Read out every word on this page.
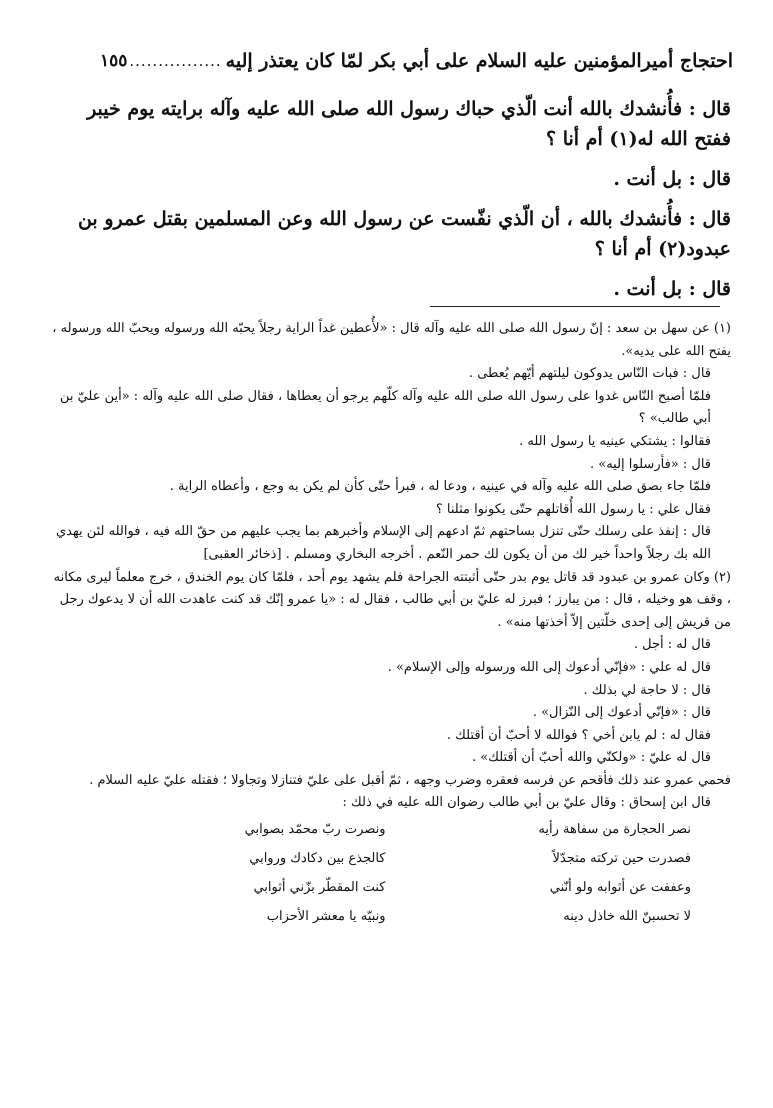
احتجاج أميرالمؤمنين عليه السلام على أبي بكر لمّا كان يعتذر إليه
.....
١٥٥
قال : فأُنشدك بالله أنت الّذي حباك رسول الله صلى الله عليه وآله برايته يوم خيبر ففتح الله له(١) أم أنا ؟
قال : بل أنت .
قال : فأُنشدك بالله ، أن الّذي نفّست عن رسول الله وعن المسلمين بقتل عمرو بن عبدود(٢) أم أنا ؟
قال : بل أنت .

(١) عن سهل بن سعد : إنّ رسول الله صلى الله عليه وآله قال : «لأُعطين غداً الراية رجلاً يحبّه الله ورسوله ويحبّ الله ورسوله ، يفتح الله على يديه».

قال : فبات النّاس يدوكون ليلتهم أيّهم يُعطى .

فلمّا أصبح النّاس غدوا على رسول الله صلى الله عليه وآله كلّهم يرجو أن يعطاها ، فقال صلى الله عليه وآله : «أين عليّ بن أبي طالب» ؟

فقالوا : يشتكي عينيه يا رسول الله .

قال : «فأرسلوا إليه» .

فلمّا جاء بصق صلى الله عليه وآله في عينيه ، ودعا له ، فبرأ حتّى كأن لم يكن به وجع ، وأعطاه الراية .

فقال علي : يا رسول الله أُقاتلهم حتّى يكونوا مثلنا ؟

قال : إنفذ على رسلك حتّى تنزل بساحتهم ثمّ ادعهم إلى الإسلام وأخبرهم بما يجب عليهم من حقّ الله فيه ، فوالله لئن يهدي الله بك رجلاً واحداً خير لك من أن يكون لك حمر النّعم . أخرجه البخاري ومسلم . [ذخائر العقبى]

(٢) وكان عمرو بن عبدود قد قاتل يوم بدر حتّى أثبتته الجراحة فلم يشهد يوم أحد ، فلمّا كان يوم الخندق ، خرج معلماً ليرى مكانه ، وقف هو وخيله ، قال : من يبارز ؛ فبرز له عليّ بن أبي طالب ، فقال له : «يا عمرو إنّك قد كنت عاهدت الله أن لا يدعوك رجل من قريش إلى إحدى خلّتين إلاّ أخذتها منه» .

قال له : أجل .

قال له علي : «فإنّي أدعوك إلى الله ورسوله وإلى الإسلام» .

قال : لا حاجة لي بذلك .

قال : «فإنّي أدعوك إلى النّزال» .

فقال له : لم يابن أخي ؟ فوالله لا أحبّ أن أقتلك .

قال له عليّ : «ولكنّي والله أحبّ أن أقتلك» .

فحمي عمرو عند ذلك فأقحم عن فرسه فعقره وضرب وجهه ، ثمّ أقبل على عليّ فتنازلا وتجاولا ؛ فقتله عليّ عليه السلام .

قال ابن إسحاق : وقال عليّ بن أبي طالب رضوان الله عليه في ذلك :

نصر الحجارة من سفاهة رأيه
ونصرت ربّ محمّد بصوابي
فصدرت حين تركته متجدّلاً
كالجذع بين دكادك وروابي
وعففت عن أثوابه ولو أنّني
كنت المقطّر بزّني أثوابي
لا تحسبنّ الله خاذل دينه
ونبيّه يا معشر الأحزاب
